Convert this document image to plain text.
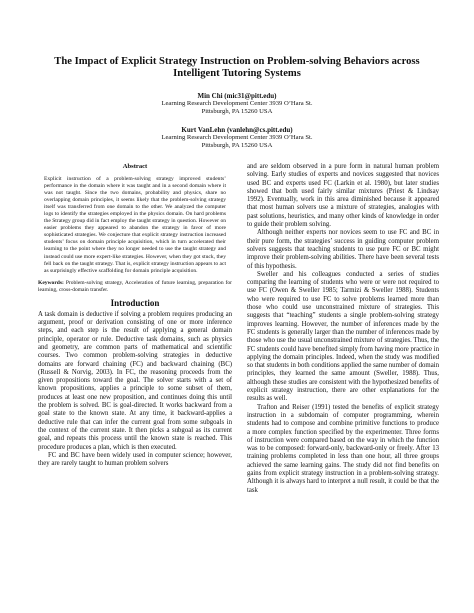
The Impact of Explicit Strategy Instruction on Problem-solving Behaviors across Intelligent Tutoring Systems
Min Chi (mic31@pitt.edu)
Learning Research Development Center 3939 O’Hara St.
Pittsburgh, PA 15260 USA
Kurt VanLehn (vanlehn@cs.pitt.edu)
Learning Research Development Center 3939 O’Hara St.
Pittsburgh, PA 15260 USA
Abstract

Explicit instruction of a problem-solving strategy improved students’ performance in the domain where it was taught and in a second domain where it was not taught. Since the two domains, probability and physics, share no overlapping domain principles, it seems likely that the problem-solving strategy itself was transferred from one domain to the other. We analyzed the computer logs to identify the strategies employed in the physics domain. On hard problems the Strategy group did in fact employ the taught strategy in question. However on easier problems they appeared to abandon the strategy in favor of more sophisticated strategies. We conjecture that explicit strategy instruction increased students’ focus on domain principle acquisition, which in turn accelerated their learning to the point where they no longer needed to use the taught strategy and instead could use more expert-like strategies. However, when they got stuck, they fell back on the taught strategy. That is, explicit strategy instruction appears to act as surprisingly effective scaffolding for domain principle acquisition.

Keywords: Problem-solving strategy, Acceleration of future learning, preparation for learning, cross-domain transfer.

Introduction

A task domain is deductive if solving a problem requires producing an argument, proof or derivation consisting of one or more inference steps, and each step is the result of applying a general domain principle, operator or rule. Deductive task domains, such as physics and geometry, are common parts of mathematical and scientific courses. Two common problem-solving strategies in deductive domains are forward chaining (FC) and backward chaining (BC) (Russell & Norvig, 2003). In FC, the reasoning proceeds from the given propositions toward the goal. The solver starts with a set of known propositions, applies a principle to some subset of them, produces at least one new proposition, and continues doing this until the problem is solved. BC is goal-directed. It works backward from a goal state to the known state. At any time, it backward-applies a deductive rule that can infer the current goal from some subgoals in the context of the current state. It then picks a subgoal as its current goal, and repeats this process until the known state is reached. This procedure produces a plan, which is then executed.

FC and BC have been widely used in computer science; however, they are rarely taught to human problem solvers

and are seldom observed in a pure form in natural human problem solving. Early studies of experts and novices suggested that novices used BC and experts used FC (Larkin et al. 1980), but later studies showed that both used fairly similar mixtures (Priest & Lindsay 1992). Eventually, work in this area diminished because it appeared that most human solvers use a mixture of strategies, analogies with past solutions, heuristics, and many other kinds of knowledge in order to guide their problem solving.

Although neither experts nor novices seem to use FC and BC in their pure form, the strategies’ success in guiding computer problem solvers suggests that teaching students to use pure FC or BC might improve their problem-solving abilities. There have been several tests of this hypothesis.

Sweller and his colleagues conducted a series of studies comparing the learning of students who were or were not required to use FC (Owen & Sweller 1985; Tarmizi & Sweller 1988). Students who were required to use FC to solve problems learned more than those who could use unconstrained mixture of strategies. This suggests that “teaching” students a single problem-solving strategy improves learning. However, the number of inferences made by the FC students is generally larger than the number of inferences made by those who use the usual unconstrained mixture of strategies. Thus, the FC students could have benefited simply from having more practice in applying the domain principles. Indeed, when the study was modified so that students in both conditions applied the same number of domain principles, they learned the same amount (Sweller, 1988). Thus, although these studies are consistent with the hypothesized benefits of explicit strategy instruction, there are other explanations for the results as well.

Trafton and Reiser (1991) tested the benefits of explicit strategy instruction in a subdomain of computer programming, wherein students had to compose and combine primitive functions to produce a more complex function specified by the experimenter. Three forms of instruction were compared based on the way in which the function was to be composed: forward-only, backward-only or freely. After 13 training problems completed in less than one hour, all three groups achieved the same learning gains. The study did not find benefits on gains from explicit strategy instruction in a problem-solving strategy. Although it is always hard to interpret a null result, it could be that the task
